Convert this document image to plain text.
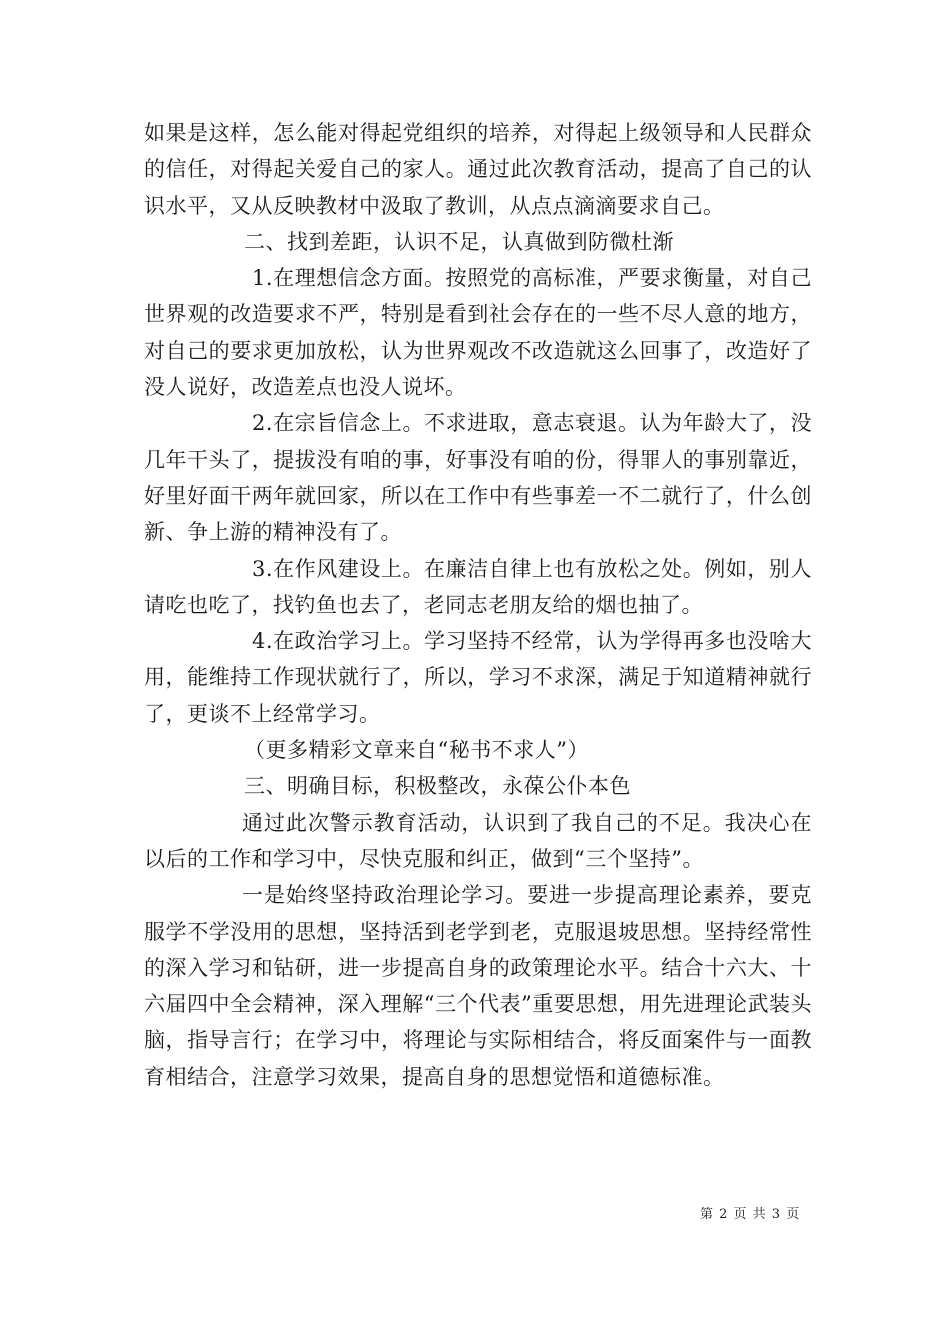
如果是这样，怎么能对得起党组织的培养，对得起上级领导和人民群众的信任，对得起关爱自己的家人。通过此次教育活动，提高了自己的认识水平，又从反映教材中汲取了教训，从点点滴滴要求自己。

二、找到差距，认识不足，认真做到防微杜渐

1.在理想信念方面。按照党的高标准，严要求衡量，对自己世界观的改造要求不严，特别是看到社会存在的一些不尽人意的地方，对自己的要求更加放松，认为世界观改不改造就这么回事了，改造好了没人说好，改造差点也没人说坏。

2.在宗旨信念上。不求进取，意志衰退。认为年龄大了，没几年干头了，提拔没有咱的事，好事没有咱的份，得罪人的事别靠近，好里好面干两年就回家，所以在工作中有些事差一不二就行了，什么创新、争上游的精神没有了。

3.在作风建设上。在廉洁自律上也有放松之处。例如，别人请吃也吃了，找钓鱼也去了，老同志老朋友给的烟也抽了。

4.在政治学习上。学习坚持不经常，认为学得再多也没啥大用，能维持工作现状就行了，所以，学习不求深，满足于知道精神就行了，更谈不上经常学习。

（更多精彩文章来自“秘书不求人”）

三、明确目标，积极整改，永葆公仆本色

通过此次警示教育活动，认识到了我自己的不足。我决心在以后的工作和学习中，尽快克服和纠正，做到“三个坚持”。

一是始终坚持政治理论学习。要进一步提高理论素养，要克服学不学没用的思想，坚持活到老学到老，克服退坡思想。坚持经常性的深入学习和钻研，进一步提高自身的政策理论水平。结合十六大、十六届四中全会精神，深入理解“三个代表”重要思想，用先进理论武装头脑，指导言行；在学习中，将理论与实际相结合，将反面案件与一面教育相结合，注意学习效果，提高自身的思想觉悟和道德标准。

第 2 页 共 3 页
